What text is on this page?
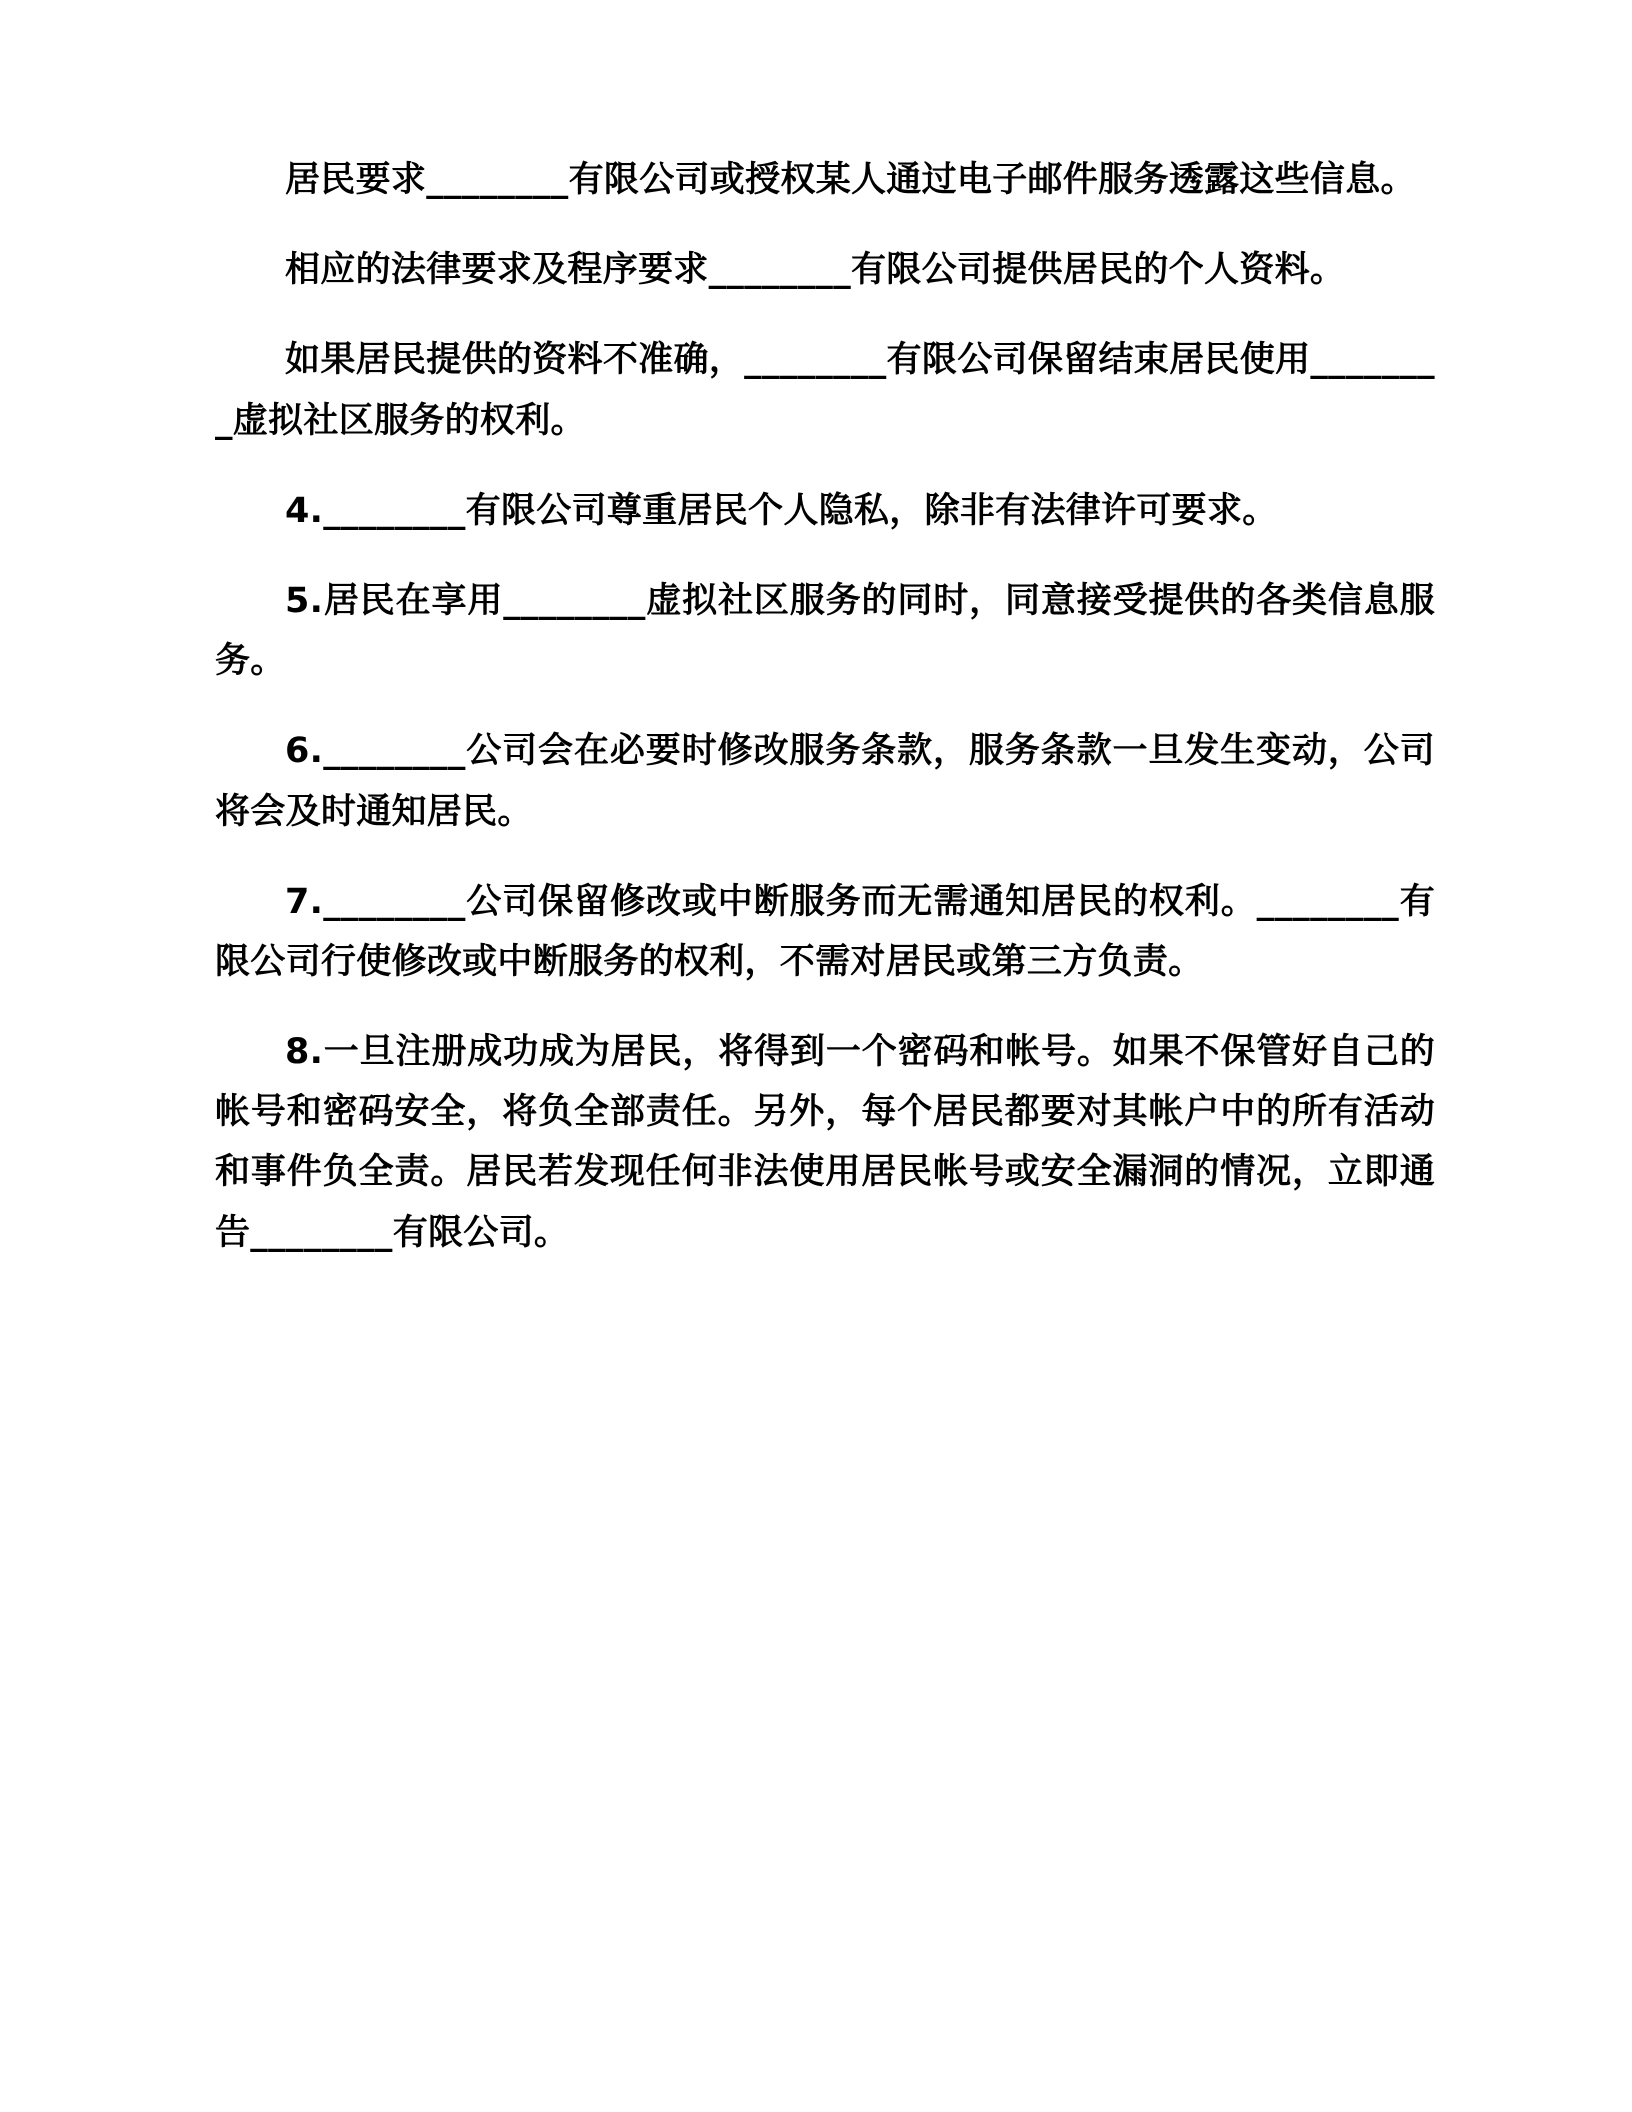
居民要求________有限公司或授权某人通过电子邮件服务透露这些信息。

相应的法律要求及程序要求________有限公司提供居民的个人资料。

如果居民提供的资料不准确，________有限公司保留结束居民使用________虚拟社区服务的权利。

4.________有限公司尊重居民个人隐私，除非有法律许可要求。

5.居民在享用________虚拟社区服务的同时，同意接受提供的各类信息服务。

6.________公司会在必要时修改服务条款，服务条款一旦发生变动，公司将会及时通知居民。

7.________公司保留修改或中断服务而无需通知居民的权利。________有限公司行使修改或中断服务的权利，不需对居民或第三方负责。

8.一旦注册成功成为居民，将得到一个密码和帐号。如果不保管好自己的帐号和密码安全，将负全部责任。另外，每个居民都要对其帐户中的所有活动和事件负全责。居民若发现任何非法使用居民帐号或安全漏洞的情况，立即通告________有限公司。
